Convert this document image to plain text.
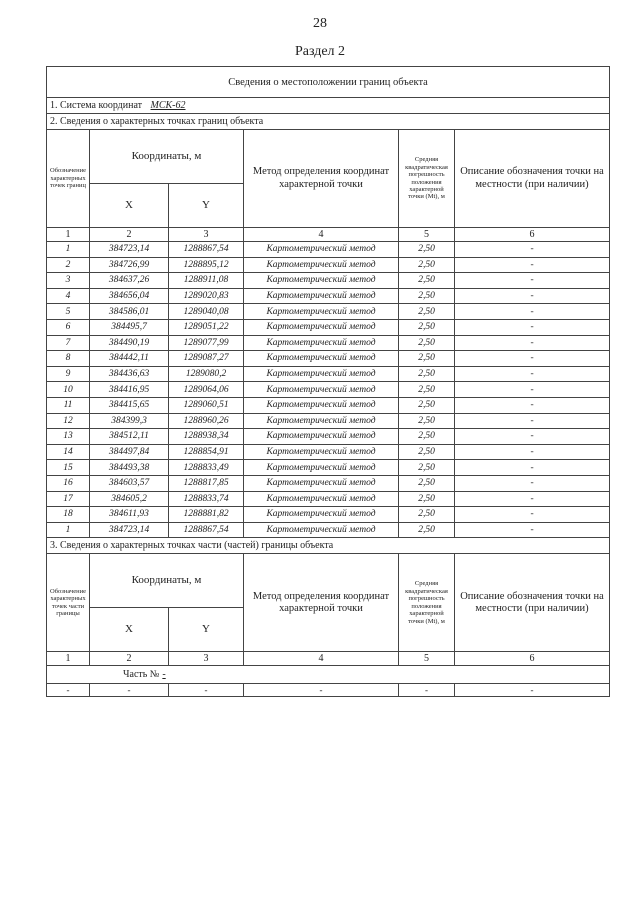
28
Раздел 2
Сведения о местоположении границ объекта					
1. Система координат МСК-62					
2. Сведения о характерных точках границ объекта					
Обозначение характерных точек границ	Координаты, м		Метод определения координат характерной точки	Средняя квадратическая погрешность положения характерной точки (Мt), м	Описание обозначения точки на местности (при наличии)
	X	Y			
1	2	3	4	5	6
1	384723,14	1288867,54	Картометрический метод	2,50	-
2	384726,99	1288895,12	Картометрический метод	2,50	-
3	384637,26	1288911,08	Картометрический метод	2,50	-
4	384656,04	1289020,83	Картометрический метод	2,50	-
5	384586,01	1289040,08	Картометрический метод	2,50	-
6	384495,7	1289051,22	Картометрический метод	2,50	-
7	384490,19	1289077,99	Картометрический метод	2,50	-
8	384442,11	1289087,27	Картометрический метод	2,50	-
9	384436,63	1289080,2	Картометрический метод	2,50	-
10	384416,95	1289064,06	Картометрический метод	2,50	-
11	384415,65	1289060,51	Картометрический метод	2,50	-
12	384399,3	1288960,26	Картометрический метод	2,50	-
13	384512,11	1288938,34	Картометрический метод	2,50	-
14	384497,84	1288854,91	Картометрический метод	2,50	-
15	384493,38	1288833,49	Картометрический метод	2,50	-
16	384603,57	1288817,85	Картометрический метод	2,50	-
17	384605,2	1288833,74	Картометрический метод	2,50	-
18	384611,93	1288881,82	Картометрический метод	2,50	-
1	384723,14	1288867,54	Картометрический метод	2,50	-
3. Сведения о характерных точках части (частей) границы объекта					
Обозначение характерных точек части границы	Координаты, м		Метод определения координат характерной точки	Средняя квадратическая погрешность положения характерной точки (Мt), м	Описание обозначения точки на местности (при наличии)
	X	Y			
1	2	3	4	5	6
Часть № -					
-	-	-	-	-	-
